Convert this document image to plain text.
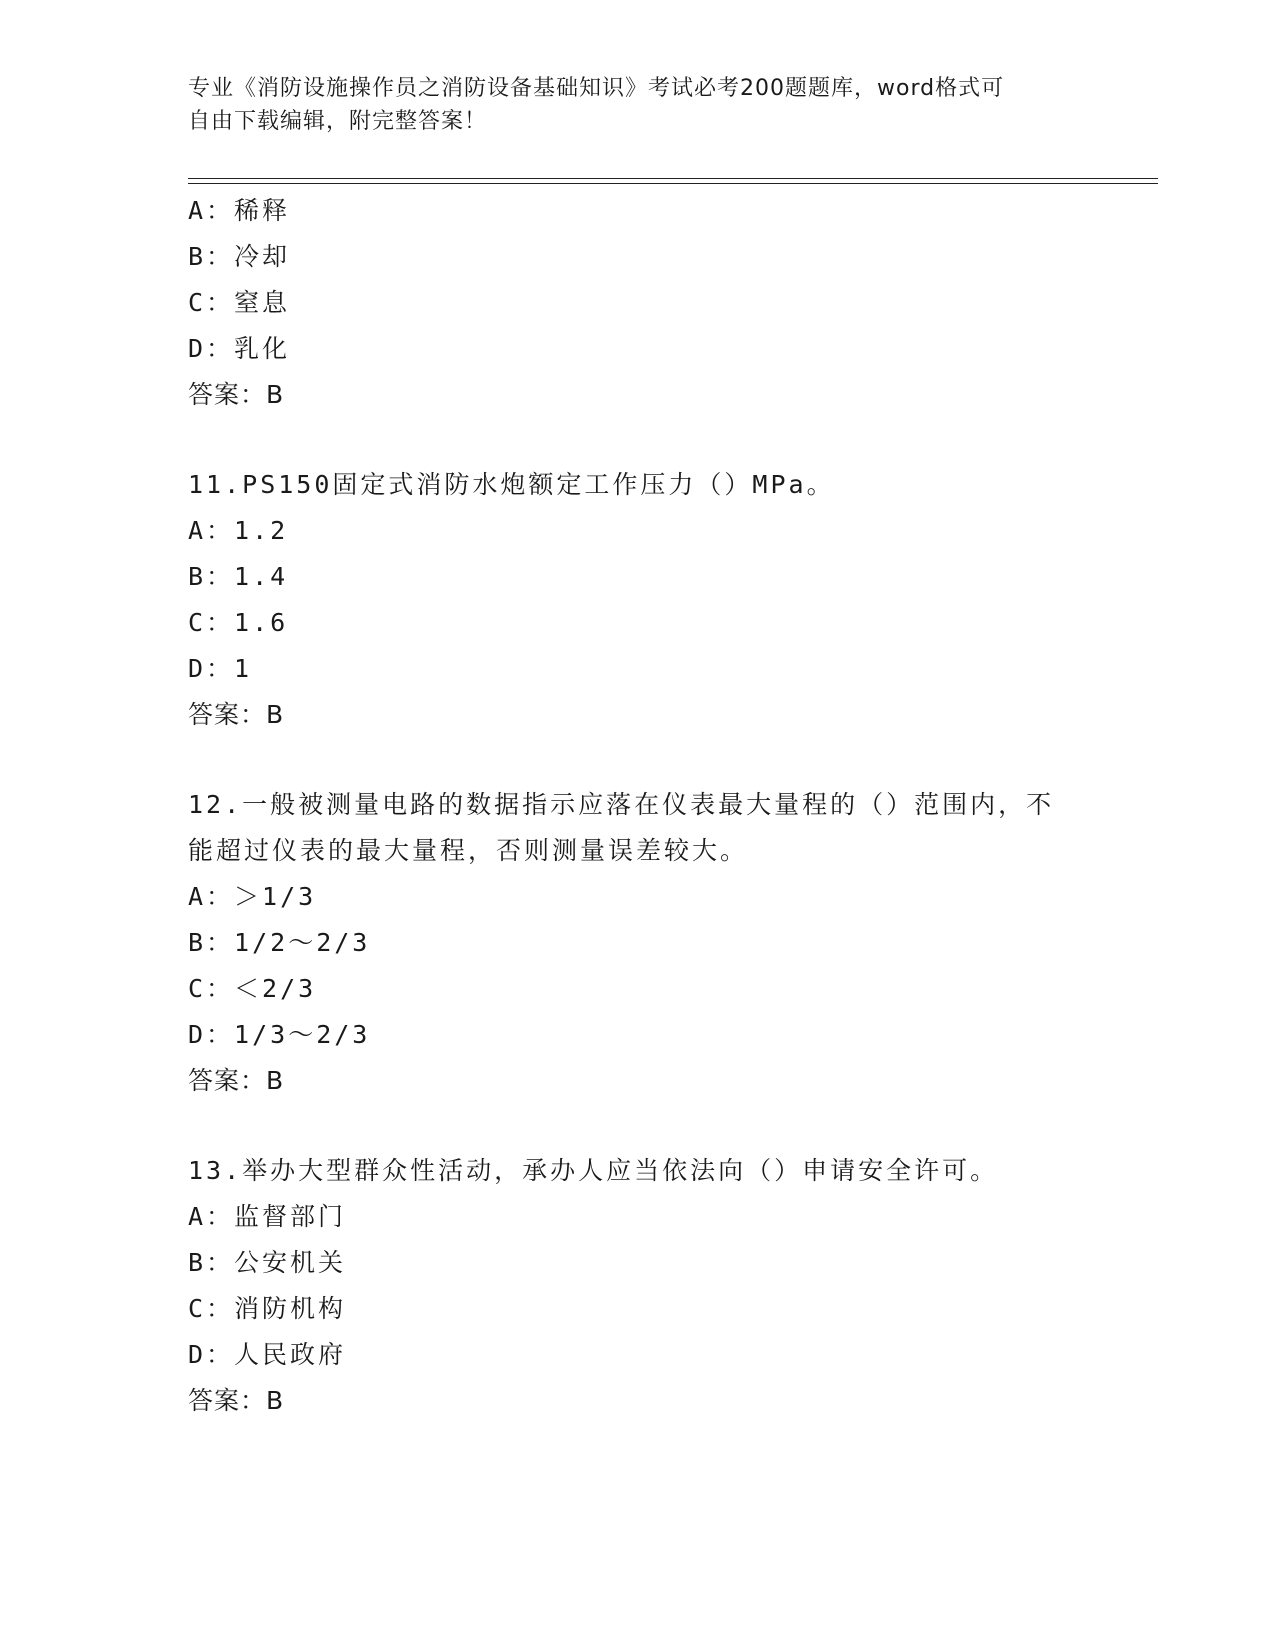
专业《消防设施操作员之消防设备基础知识》考试必考200题题库，word格式可
自由下载编辑，附完整答案！
A：稀释
B：冷却
C：窒息
D：乳化
答案：B
11.PS150固定式消防水炮额定工作压力（）MPa。
A：1.2
B：1.4
C：1.6
D：1
答案：B
12.一般被测量电路的数据指示应落在仪表最大量程的（）范围内，不
能超过仪表的最大量程，否则测量误差较大。
A：＞1/3
B：1/2～2/3
C：＜2/3
D：1/3～2/3
答案：B
13.举办大型群众性活动，承办人应当依法向（）申请安全许可。
A：监督部门
B：公安机关
C：消防机构
D：人民政府
答案：B
